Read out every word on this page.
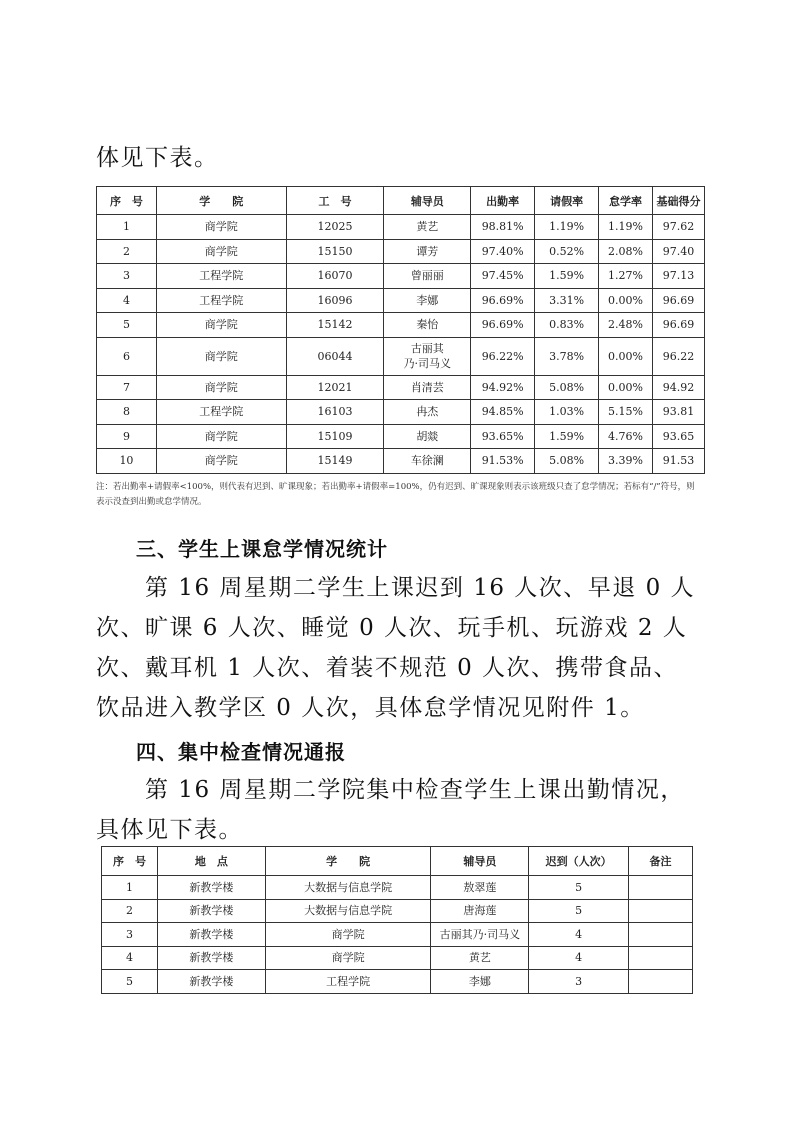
体见下表。

序　号	学　　院	工　号	辅导员	出勤率	请假率	怠学率	基础得分
1	商学院	12025	黄艺	98.81%	1.19%	1.19%	97.62
2	商学院	15150	谭芳	97.40%	0.52%	2.08%	97.40
3	工程学院	16070	曾丽丽	97.45%	1.59%	1.27%	97.13
4	工程学院	16096	李娜	96.69%	3.31%	0.00%	96.69
5	商学院	15142	秦怡	96.69%	0.83%	2.48%	96.69
6	商学院	06044	古丽其
乃·司马义	96.22%	3.78%	0.00%	96.22
7	商学院	12021	肖清芸	94.92%	5.08%	0.00%	94.92
8	工程学院	16103	冉杰	94.85%	1.03%	5.15%	93.81
9	商学院	15109	胡燚	93.65%	1.59%	4.76%	93.65
10	商学院	15149	车徐澜	91.53%	5.08%	3.39%	91.53

注：若出勤率+请假率<100%，则代表有迟到、旷课现象；若出勤率+请假率=100%，仍有迟到、旷课现象则表示该班级只查了怠学情况；若标有“/”符号，则表示没查到出勤或怠学情况。

三、学生上课怠学情况统计

　　第 16 周星期二学生上课迟到 16 人次、早退 0 人次、旷课 6 人次、睡觉 0 人次、玩手机、玩游戏 2 人次、戴耳机 1 人次、着装不规范 0 人次、携带食品、饮品进入教学区 0 人次，具体怠学情况见附件 1。

四、集中检查情况通报

　　第 16 周星期二学院集中检查学生上课出勤情况，具体见下表。

序　号	地　点	学　　院	辅导员	迟到（人次）	备注
1	新教学楼	大数据与信息学院	敖翠莲	5	
2	新教学楼	大数据与信息学院	唐海莲	5	
3	新教学楼	商学院	古丽其乃·司马义	4	
4	新教学楼	商学院	黄艺	4	
5	新教学楼	工程学院	李娜	3	
